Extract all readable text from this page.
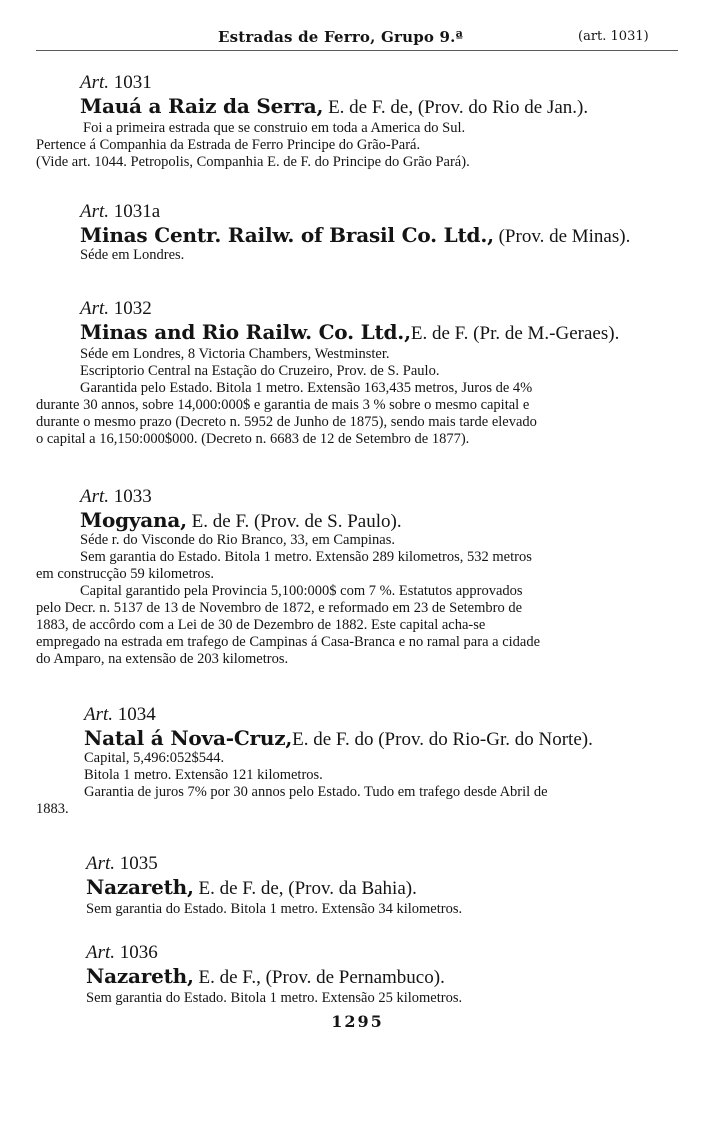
Estradas de Ferro, Grupo 9.ª	(art. 1031)
Art. 1031
Mauá a Raiz da Serra, E. de F. de, (Prov. do Rio de Jan.).
Foi a primeira estrada que se construio em toda a America do Sul.
Pertence á Companhia da Estrada de Ferro Principe do Grão-Pará.
(Vide art. 1044. Petropolis, Companhia E. de F. do Principe do Grão Pará).
Art. 1031a
Minas Centr. Railw. of Brasil Co. Ltd., (Prov. de Minas).
Séde em Londres.
Art. 1032
Minas and Rio Railw. Co. Ltd.,E. de F. (Pr. de M.-Geraes).
Séde em Londres, 8 Victoria Chambers, Westminster.
Escriptorio Central na Estação do Cruzeiro, Prov. de S. Paulo.
Garantida pelo Estado. Bitola 1 metro. Extensão 163,435 metros, Juros de 4%
durante 30 annos, sobre 14,000:000$ e garantia de mais 3 % sobre o mesmo capital e
durante o mesmo prazo (Decreto n. 5952 de Junho de 1875), sendo mais tarde elevado
o capital a 16,150:000$000. (Decreto n. 6683 de 12 de Setembro de 1877).
Art. 1033
Mogyana, E. de F. (Prov. de S. Paulo).
Séde r. do Visconde do Rio Branco, 33, em Campinas.
Sem garantia do Estado. Bitola 1 metro. Extensão 289 kilometros, 532 metros
em construcção 59 kilometros.
Capital garantido pela Provincia 5,100:000$ com 7 %. Estatutos approvados
pelo Decr. n. 5137 de 13 de Novembro de 1872, e reformado em 23 de Setembro de
1883, de accôrdo com a Lei de 30 de Dezembro de 1882. Este capital acha-se
empregado na estrada em trafego de Campinas á Casa-Branca e no ramal para a cidade
do Amparo, na extensão de 203 kilometros.
Art. 1034
Natal á Nova-Cruz,E. de F. do (Prov. do Rio-Gr. do Norte).
Capital, 5,496:052$544.
Bitola 1 metro. Extensão 121 kilometros.
Garantia de juros 7% por 30 annos pelo Estado. Tudo em trafego desde Abril de
1883.
Art. 1035
Nazareth, E. de F. de, (Prov. da Bahia).
Sem garantia do Estado. Bitola 1 metro. Extensão 34 kilometros.
Art. 1036
Nazareth, E. de F., (Prov. de Pernambuco).
Sem garantia do Estado. Bitola 1 metro. Extensão 25 kilometros.
1295
